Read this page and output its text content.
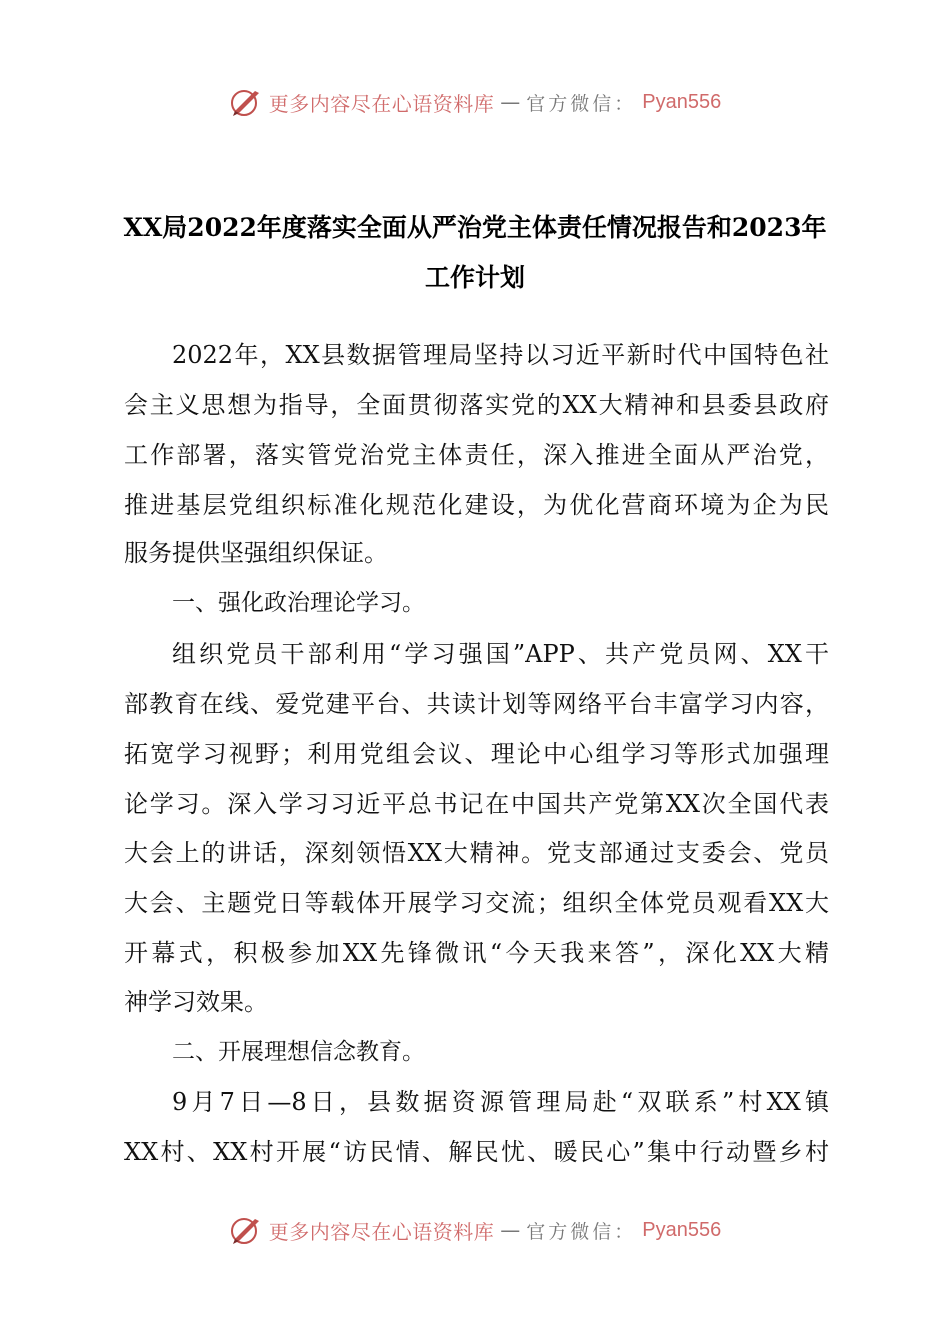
更多内容尽在心语资料库 — 官方微信： Pyan556
XX局2022年度落实全面从严治党主体责任情况报告和2023年
工作计划
2022年，XX县数据管理局坚持以习近平新时代中国特色社
会主义思想为指导，全面贯彻落实党的XX大精神和县委县政府
工作部署，落实管党治党主体责任，深入推进全面从严治党，
推进基层党组织标准化规范化建设，为优化营商环境为企为民
服务提供坚强组织保证。
一、强化政治理论学习。
组织党员干部利用“学习强国”APP、共产党员网、XX干
部教育在线、爱党建平台、共读计划等网络平台丰富学习内容，
拓宽学习视野；利用党组会议、理论中心组学习等形式加强理
论学习。深入学习习近平总书记在中国共产党第XX次全国代表
大会上的讲话，深刻领悟XX大精神。党支部通过支委会、党员
大会、主题党日等载体开展学习交流；组织全体党员观看XX大
开幕式，积极参加XX先锋微讯“今天我来答”，深化XX大精
神学习效果。
二、开展理想信念教育。
9月7日—8日，县数据资源管理局赴“双联系”村XX镇
XX村、XX村开展“访民情、解民忧、暖民心”集中行动暨乡村
更多内容尽在心语资料库 — 官方微信： Pyan556
